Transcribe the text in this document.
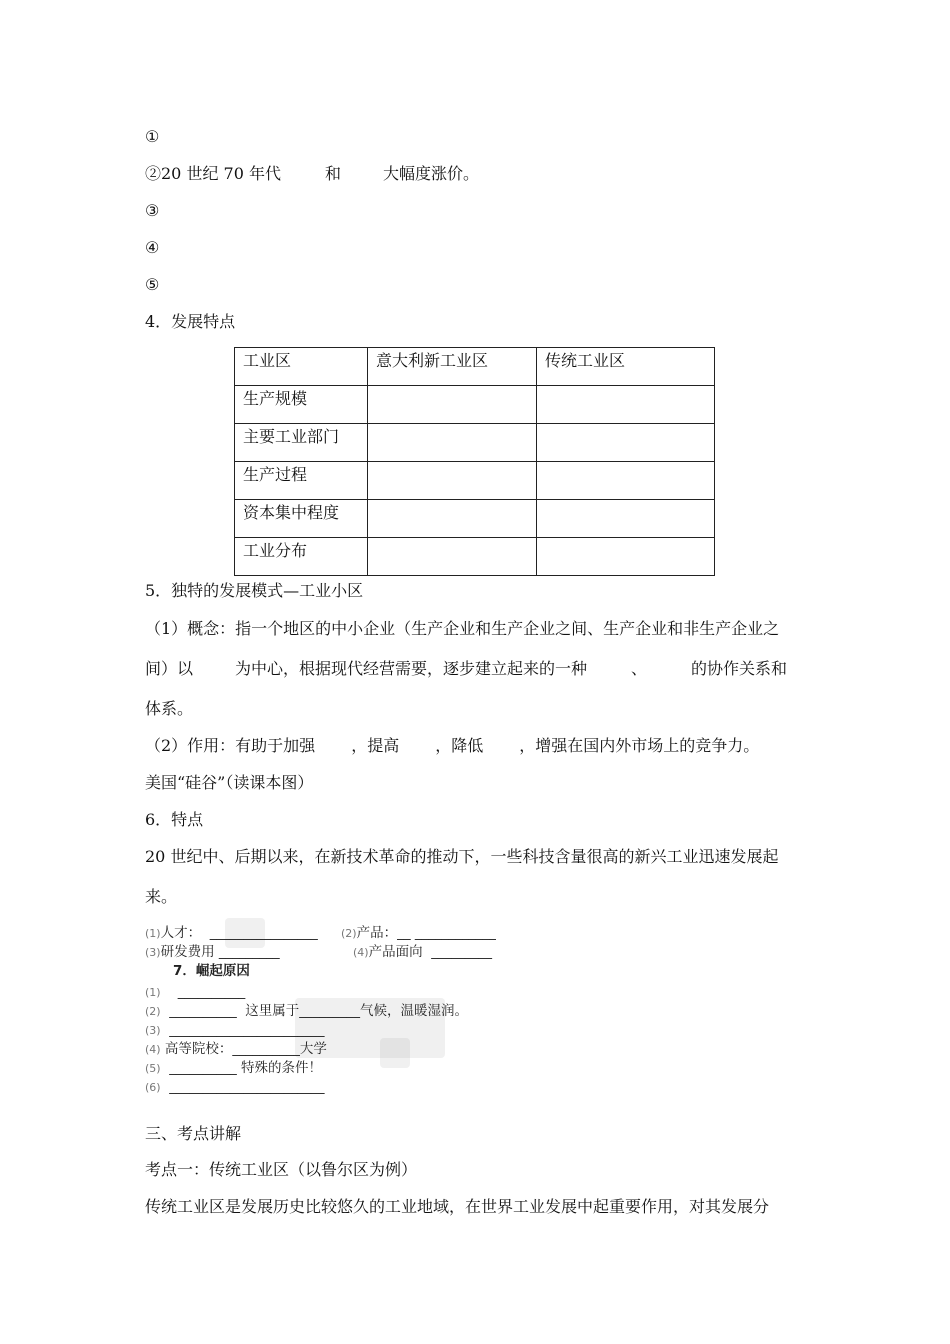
①
②20 世纪 70 年代	和	大幅度涨价。
③
④
⑤
4．发展特点
工业区	意大利新工业区	传统工业区
生产规模		
主要工业部门		
生产过程		
资本集中程度		
工业分布		
5．独特的发展模式—工业小区
（1）概念：指一个地区的中小企业（生产企业和生产企业之间、生产企业和非生产企业之
间）以	为中心，根据现代经营需要，逐步建立起来的一种	、	的协作关系和
体系。
（2）作用：有助于加强 ，提高 ，降低 ，增强在国内外市场上的竞争力。
美国“硅谷”（读课本图）
6．特点
20 世纪中、后期以来，在新技术革命的推动下，一些科技含量很高的新兴工业迅速发展起
来。
(1)人才： ________________ (2)产品：__ ____________
(3)研发费用 _________	(4)产品面向 _________
7．崛起原因
(1) __________
(2) __________ 这里属于_________气候，温暖湿润。
(3) _______________________
(4) 高等院校：__________大学
(5) __________ 特殊的条件！
(6) _______________________
三、考点讲解
考点一：传统工业区（以鲁尔区为例）
传统工业区是发展历史比较悠久的工业地域，在世界工业发展中起重要作用，对其发展分
